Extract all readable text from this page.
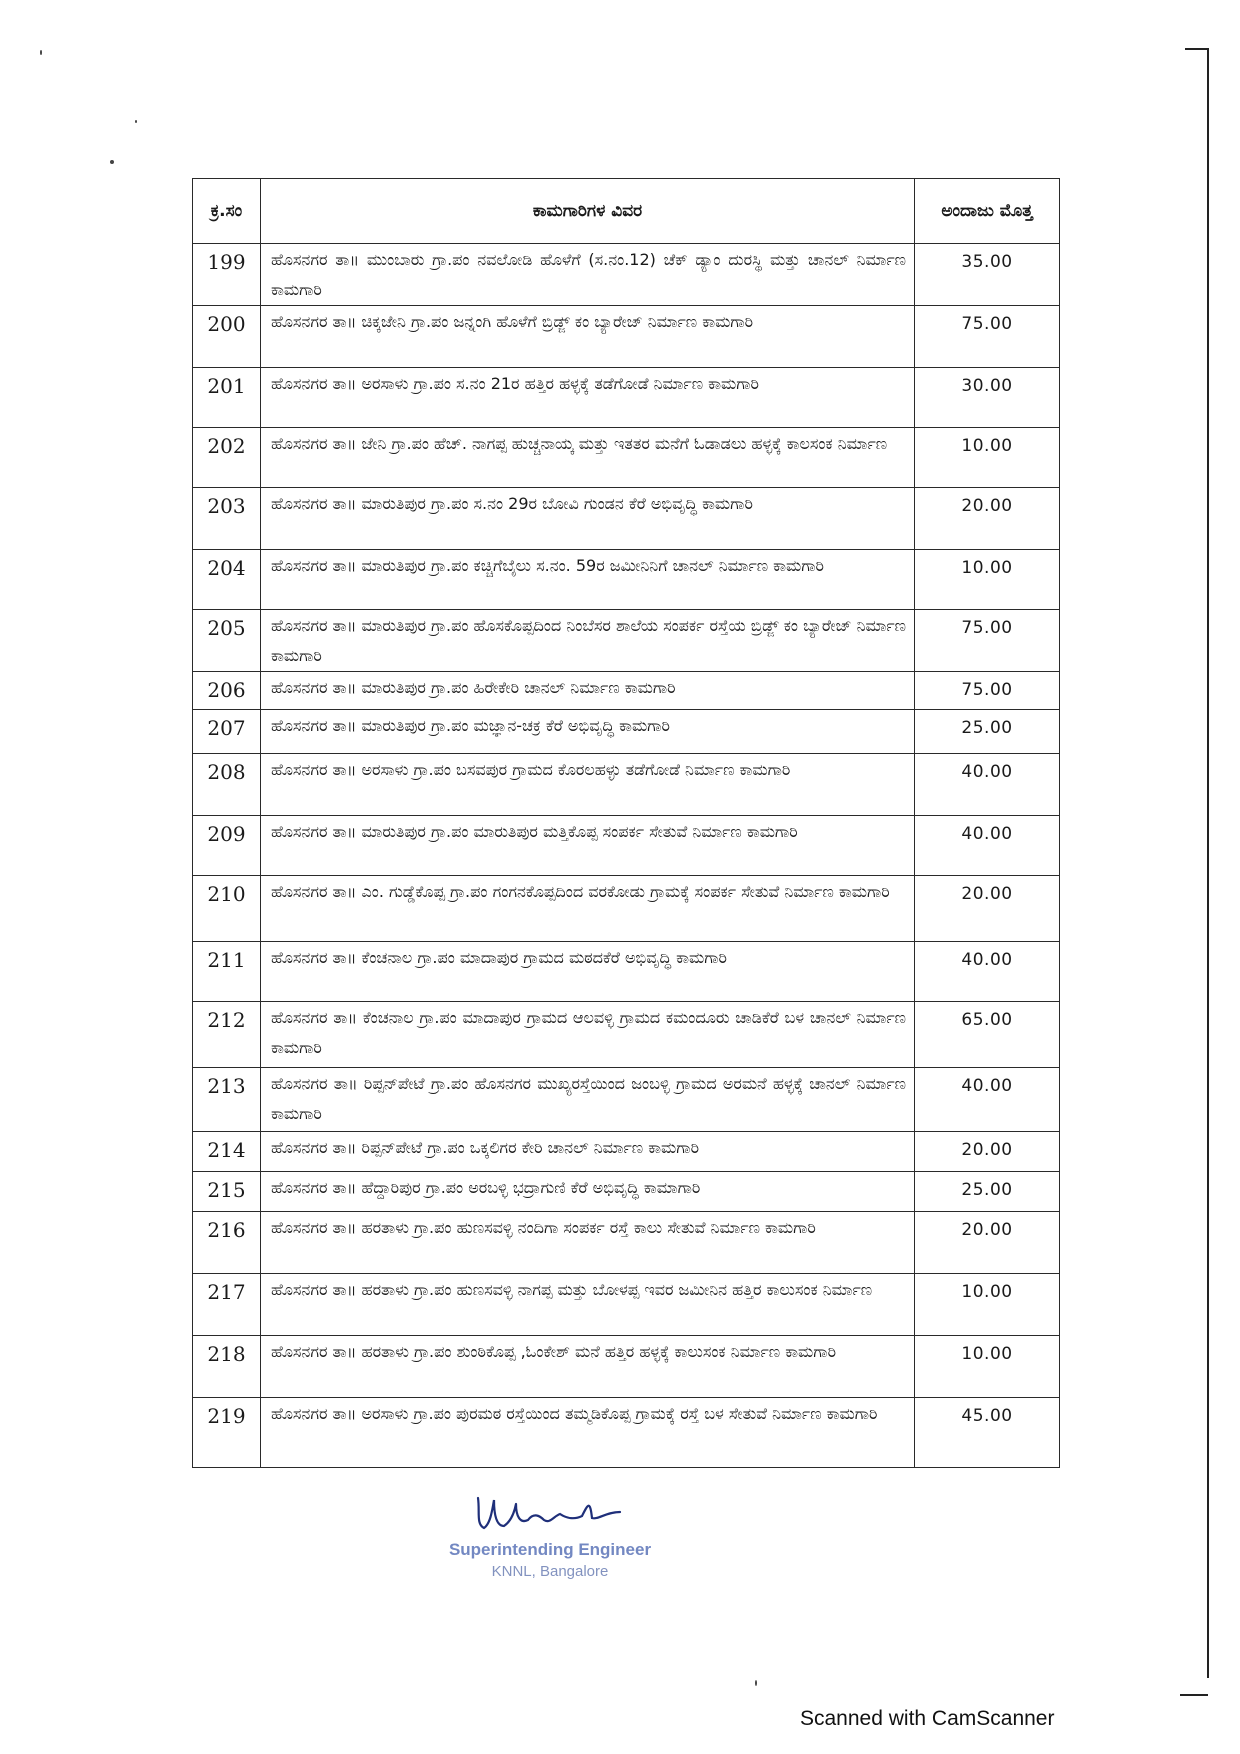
ಕ್ರ.ಸಂ	ಕಾಮಗಾರಿಗಳ ವಿವರ	ಅಂದಾಜು ಮೊತ್ತ
199	ಹೊಸನಗರ ತಾ॥ ಮುಂಬಾರು ಗ್ರಾ.ಪಂ ನವಲೋಡಿ ಹೊಳೆಗೆ (ಸ.ನಂ.12) ಚೆಕ್ ಡ್ಯಾಂ ದುರಸ್ಥಿ ಮತ್ತು ಚಾನಲ್ ನಿರ್ಮಾಣ ಕಾಮಗಾರಿ	35.00
200	ಹೊಸನಗರ ತಾ॥ ಚಿಕ್ಕಜೇನಿ ಗ್ರಾ.ಪಂ ಜನ್ನಂಗಿ ಹೊಳೆಗೆ ಬ್ರಿಡ್ಜ್ ಕಂ ಬ್ಯಾರೇಜ್ ನಿರ್ಮಾಣ ಕಾಮಗಾರಿ	75.00
201	ಹೊಸನಗರ ತಾ॥ ಅರಸಾಳು ಗ್ರಾ.ಪಂ ಸ.ನಂ 21ರ ಹತ್ತಿರ ಹಳ್ಳಕ್ಕೆ ತಡೆಗೋಡೆ ನಿರ್ಮಾಣ ಕಾಮಗಾರಿ	30.00
202	ಹೊಸನಗರ ತಾ॥ ಜೇನಿ ಗ್ರಾ.ಪಂ ಹೆಚ್. ನಾಗಪ್ಪ ಹುಚ್ಚನಾಯ್ಕ ಮತ್ತು ಇತತರ ಮನೆಗೆ ಓಡಾಡಲು ಹಳ್ಳಕ್ಕೆ ಕಾಲಸಂಕ ನಿರ್ಮಾಣ	10.00
203	ಹೊಸನಗರ ತಾ॥ ಮಾರುತಿಪುರ ಗ್ರಾ.ಪಂ ಸ.ನಂ 29ರ ಬೋವಿ ಗುಂಡನ ಕೆರೆ ಅಭಿವೃದ್ಧಿ ಕಾಮಗಾರಿ	20.00
204	ಹೊಸನಗರ ತಾ॥ ಮಾರುತಿಪುರ ಗ್ರಾ.ಪಂ ಕಚ್ಚಿಗೆಬೈಲು ಸ.ನಂ. 59ರ ಜಮೀನಿನಿಗೆ ಚಾನಲ್ ನಿರ್ಮಾಣ ಕಾಮಗಾರಿ	10.00
205	ಹೊಸನಗರ ತಾ॥ ಮಾರುತಿಪುರ ಗ್ರಾ.ಪಂ ಹೊಸಕೊಪ್ಪದಿಂದ ನಿಂಬೆಸರ ಶಾಲೆಯ ಸಂಪರ್ಕ ರಸ್ತೆಯ ಬ್ರಿಡ್ಜ್ ಕಂ ಬ್ಯಾರೇಜ್ ನಿರ್ಮಾಣ ಕಾಮಗಾರಿ	75.00
206	ಹೊಸನಗರ ತಾ॥ ಮಾರುತಿಪುರ ಗ್ರಾ.ಪಂ ಹಿರೇಕೇರಿ ಚಾನಲ್ ನಿರ್ಮಾಣ ಕಾಮಗಾರಿ	75.00
207	ಹೊಸನಗರ ತಾ॥ ಮಾರುತಿಪುರ ಗ್ರಾ.ಪಂ ಮಜ್ಞಾನ-ಚಕ್ರ ಕೆರೆ ಅಭಿವೃದ್ಧಿ ಕಾಮಗಾರಿ	25.00
208	ಹೊಸನಗರ ತಾ॥ ಅರಸಾಳು ಗ್ರಾ.ಪಂ ಬಸವಪುರ ಗ್ರಾಮದ ಕೊರಲಹಳ್ಳು ತಡೆಗೋಡೆ ನಿರ್ಮಾಣ ಕಾಮಗಾರಿ	40.00
209	ಹೊಸನಗರ ತಾ॥ ಮಾರುತಿಪುರ ಗ್ರಾ.ಪಂ ಮಾರುತಿಪುರ ಮತ್ತಿಕೊಪ್ಪ ಸಂಪರ್ಕ ಸೇತುವೆ ನಿರ್ಮಾಣ ಕಾಮಗಾರಿ	40.00
210	ಹೊಸನಗರ ತಾ॥ ಎಂ. ಗುಡ್ಡೆಕೊಪ್ಪ ಗ್ರಾ.ಪಂ ಗಂಗನಕೊಪ್ಪದಿಂದ ವರಕೋಡು ಗ್ರಾಮಕ್ಕೆ ಸಂಪರ್ಕ ಸೇತುವೆ ನಿರ್ಮಾಣ ಕಾಮಗಾರಿ	20.00
211	ಹೊಸನಗರ ತಾ॥ ಕೆಂಚನಾಲ ಗ್ರಾ.ಪಂ ಮಾದಾಪುರ ಗ್ರಾಮದ ಮಠದಕೆರೆ ಅಭಿವೃದ್ಧಿ ಕಾಮಗಾರಿ	40.00
212	ಹೊಸನಗರ ತಾ॥ ಕೆಂಚನಾಲ ಗ್ರಾ.ಪಂ ಮಾದಾಪುರ ಗ್ರಾಮದ ಆಲವಳ್ಳಿ ಗ್ರಾಮದ ಕಮಂದೂರು ಚಾಡಿಕೆರೆ ಬಳ ಚಾನಲ್ ನಿರ್ಮಾಣ ಕಾಮಗಾರಿ	65.00
213	ಹೊಸನಗರ ತಾ॥ ರಿಪ್ಪನ್‌ಪೇಟೆ ಗ್ರಾ.ಪಂ ಹೊಸನಗರ ಮುಖ್ಯರಸ್ತೆಯಿಂದ ಜಂಬಳ್ಳಿ ಗ್ರಾಮದ ಅರಮನೆ ಹಳ್ಳಕ್ಕೆ ಚಾನಲ್ ನಿರ್ಮಾಣ ಕಾಮಗಾರಿ	40.00
214	ಹೊಸನಗರ ತಾ॥ ರಿಪ್ಪನ್‌ಪೇಟೆ ಗ್ರಾ.ಪಂ ಒಕ್ಕಲಿಗರ ಕೇರಿ ಚಾನಲ್ ನಿರ್ಮಾಣ ಕಾಮಗಾರಿ	20.00
215	ಹೊಸನಗರ ತಾ॥ ಹೆದ್ದಾರಿಪುರ ಗ್ರಾ.ಪಂ ಅರಬಳ್ಳಿ ಭದ್ರಾಗುಣಿ ಕೆರೆ ಅಭಿವೃದ್ಧಿ ಕಾಮಾಗಾರಿ	25.00
216	ಹೊಸನಗರ ತಾ॥ ಹರತಾಳು ಗ್ರಾ.ಪಂ ಹುಣಸವಳ್ಳಿ ನಂದಿಗಾ ಸಂಪರ್ಕ ರಸ್ತೆ ಕಾಲು ಸೇತುವೆ ನಿರ್ಮಾಣ ಕಾಮಗಾರಿ	20.00
217	ಹೊಸನಗರ ತಾ॥ ಹರತಾಳು ಗ್ರಾ.ಪಂ ಹುಣಸವಳ್ಳಿ ನಾಗಪ್ಪ ಮತ್ತು ಬೋಳಪ್ಪ ಇವರ ಜಮೀನಿನ ಹತ್ತಿರ ಕಾಲುಸಂಕ ನಿರ್ಮಾಣ	10.00
218	ಹೊಸನಗರ ತಾ॥ ಹರತಾಳು ಗ್ರಾ.ಪಂ ಶುಂಠಿಕೊಪ್ಪ ,ಓಂಕೇಶ್ ಮನೆ ಹತ್ತಿರ ಹಳ್ಳಕ್ಕೆ ಕಾಲುಸಂಕ ನಿರ್ಮಾಣ ಕಾಮಗಾರಿ	10.00
219	ಹೊಸನಗರ ತಾ॥ ಅರಸಾಳು ಗ್ರಾ.ಪಂ ಪುರಮಠ ರಸ್ತೆಯಿಂದ ತಮ್ಮಡಿಕೊಪ್ಪ ಗ್ರಾಮಕ್ಕೆ ರಸ್ತೆ ಬಳ ಸೇತುವೆ ನಿರ್ಮಾಣ ಕಾಮಗಾರಿ	45.00
Superintending Engineer
KNNL, Bangalore
Scanned with CamScanner
